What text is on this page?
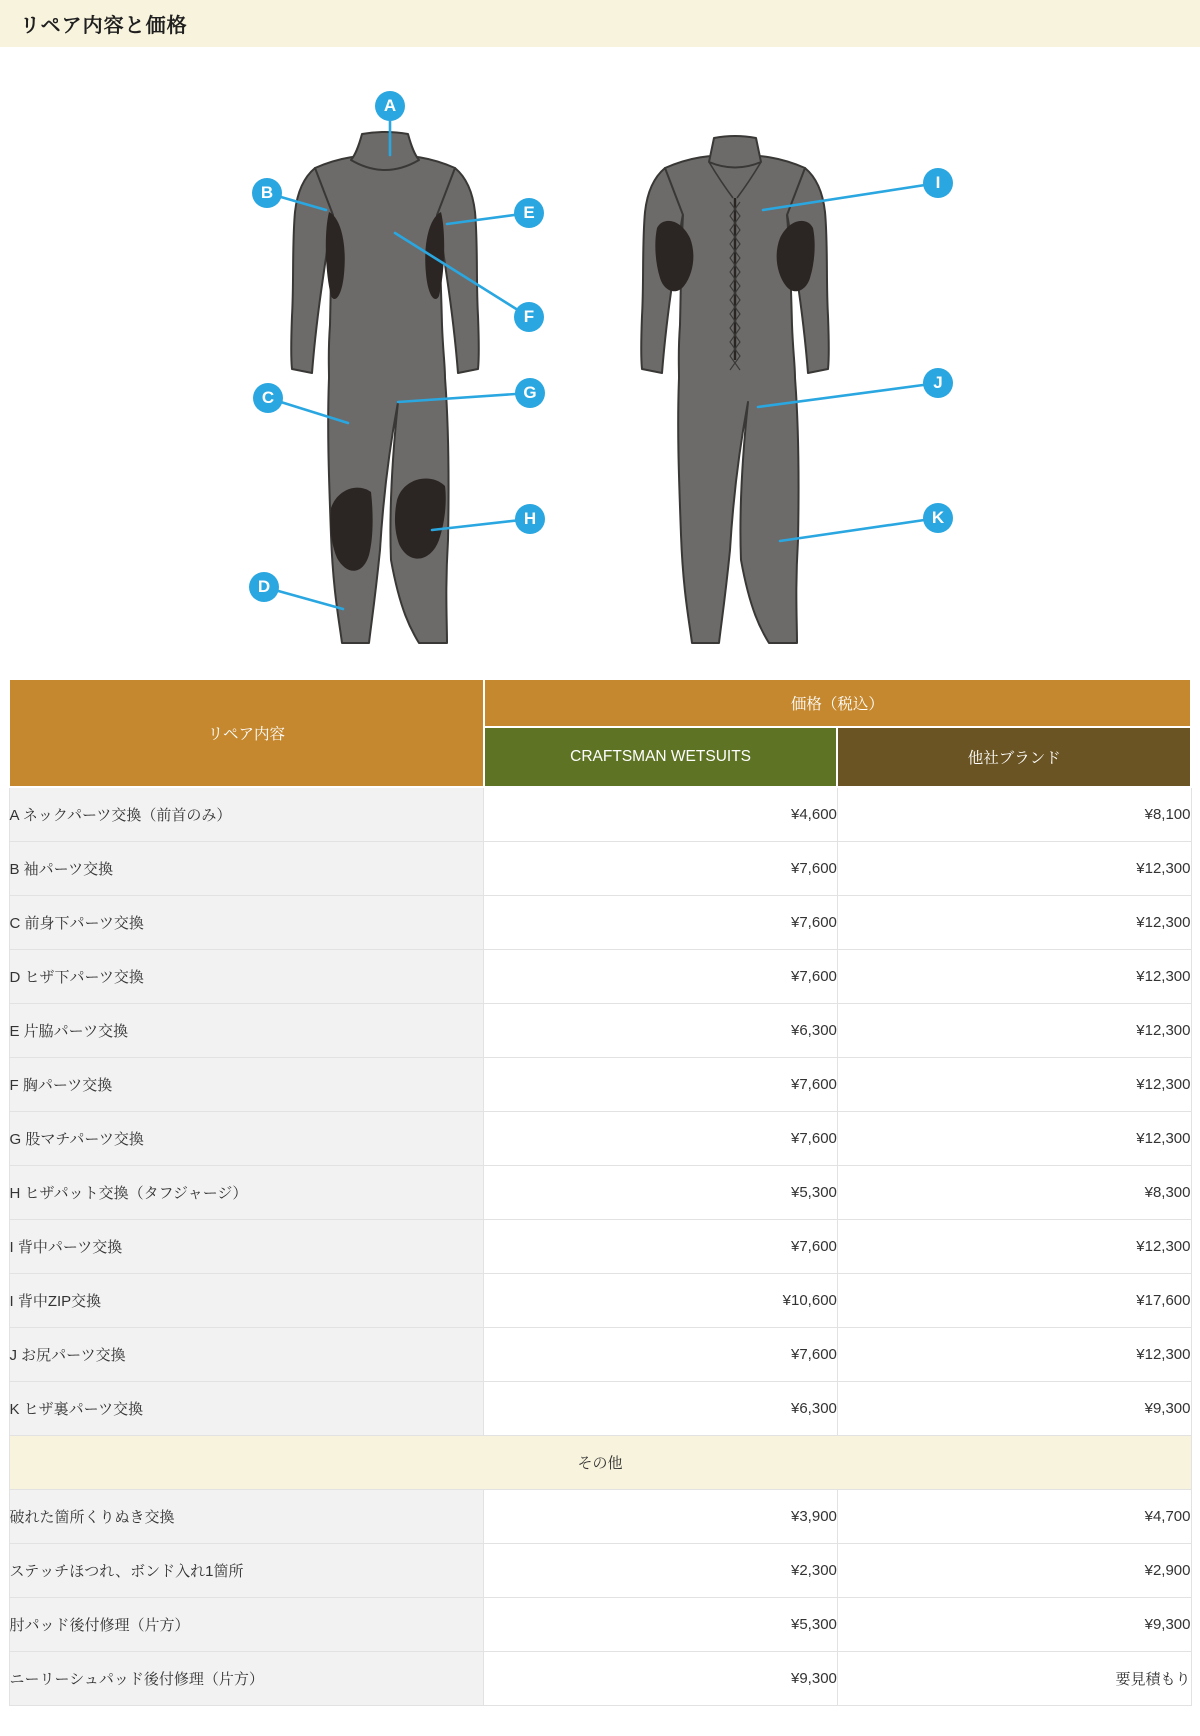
リペア内容と価格
A
B
C
D
E
F
G
H
I
J
K
リペア内容	価格（税込）	
	CRAFTSMAN WETSUITS	他社ブランド
A ネックパーツ交換（前首のみ）	¥4,600	¥8,100
B 袖パーツ交換	¥7,600	¥12,300
C 前身下パーツ交換	¥7,600	¥12,300
D ヒザ下パーツ交換	¥7,600	¥12,300
E 片脇パーツ交換	¥6,300	¥12,300
F 胸パーツ交換	¥7,600	¥12,300
G 股マチパーツ交換	¥7,600	¥12,300
H ヒザパット交換（タフジャージ）	¥5,300	¥8,300
I 背中パーツ交換	¥7,600	¥12,300
I 背中ZIP交換	¥10,600	¥17,600
J お尻パーツ交換	¥7,600	¥12,300
K ヒザ裏パーツ交換	¥6,300	¥9,300
その他		
破れた箇所くりぬき交換	¥3,900	¥4,700
ステッチほつれ、ボンド入れ1箇所	¥2,300	¥2,900
肘パッド後付修理（片方）	¥5,300	¥9,300
ニーリーシュパッド後付修理（片方）	¥9,300	要見積もり
